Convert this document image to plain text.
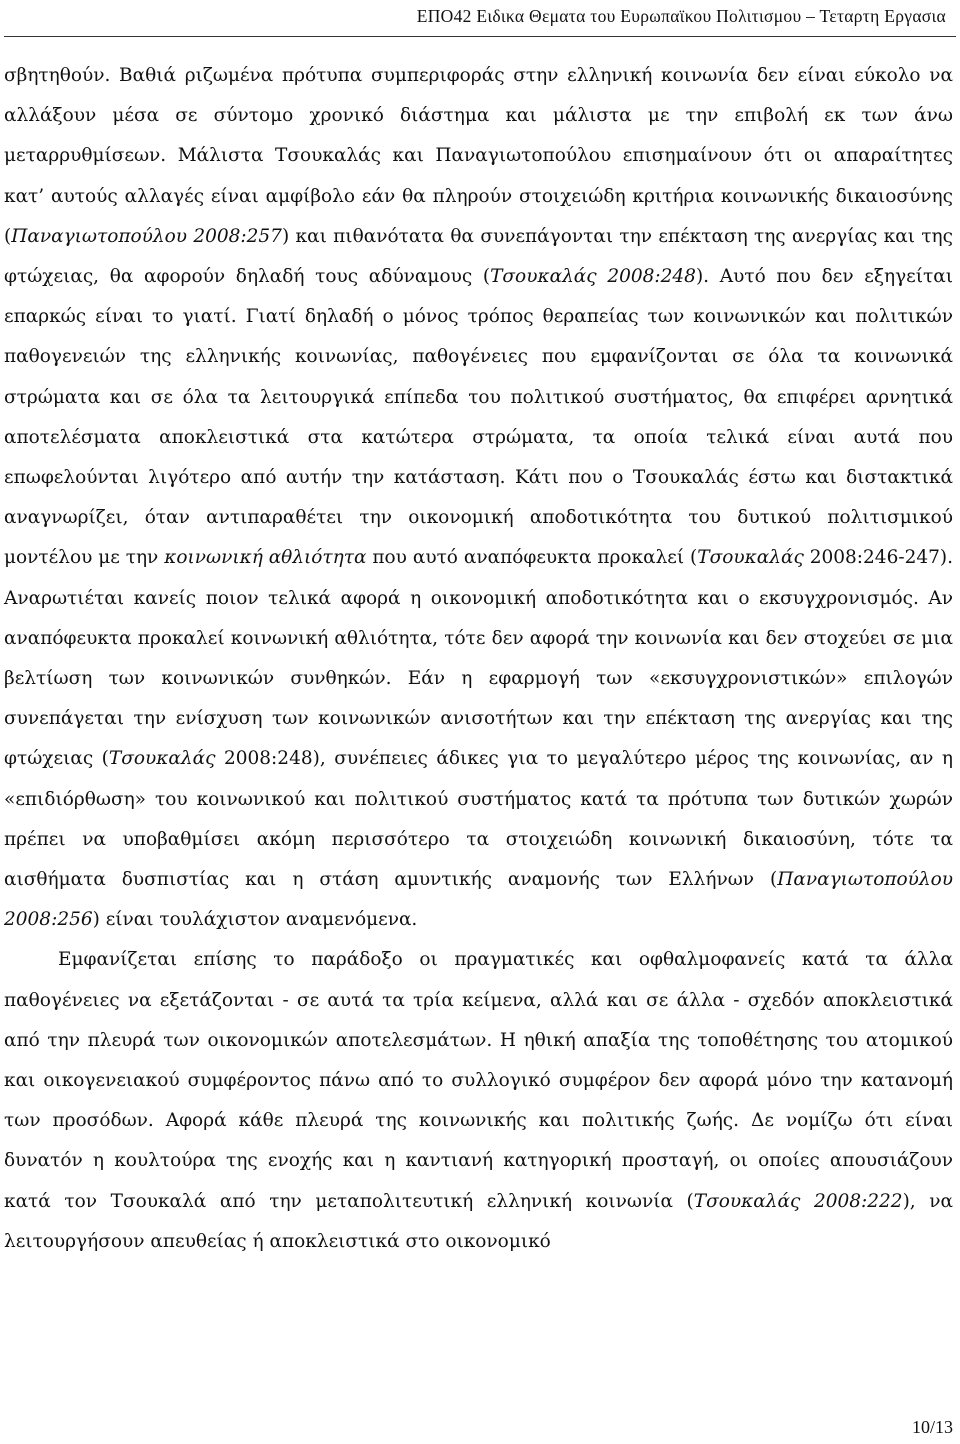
ΕΠΟ42 Ειδικα Θεματα του Ευρωπαϊκου Πολιτισμου – Τεταρτη Εργασια

σβητηθούν. Βαθιά ριζωμένα πρότυπα συμπεριφοράς στην ελληνική κοινωνία δεν είναι εύκολο να αλλάξουν μέσα σε σύντομο χρονικό διάστημα και μάλιστα με την επιβολή εκ των άνω μεταρρυθμίσεων. Μάλιστα Τσουκαλάς και Παναγιωτοπούλου επισημαίνουν ότι οι απαραίτητες κατ’ αυτούς αλλαγές είναι αμφίβολο εάν θα πληρούν στοιχειώδη κριτήρια κοινωνικής δικαιοσύνης (Παναγιωτοπούλου 2008:257) και πιθανότατα θα συνεπάγονται την επέκταση της ανεργίας και της φτώχειας, θα αφορούν δηλαδή τους αδύναμους (Τσουκαλάς 2008:248). Αυτό που δεν εξηγείται επαρκώς είναι το γιατί. Γιατί δηλαδή ο μόνος τρόπος θεραπείας των κοινωνικών και πολιτικών παθογενειών της ελληνικής κοινωνίας, παθογένειες που εμφανίζονται σε όλα τα κοινωνικά στρώματα και σε όλα τα λειτουργικά επίπεδα του πολιτικού συστήματος, θα επιφέρει αρνητικά αποτελέσματα αποκλειστικά στα κατώτερα στρώματα, τα οποία τελικά είναι αυτά που επωφελούνται λιγότερο από αυτήν την κατάσταση. Κάτι που ο Τσουκαλάς έστω και διστακτικά αναγνωρίζει, όταν αντιπαραθέτει την οικονομική αποδοτικότητα του δυτικού πολιτισμικού μοντέλου με την κοινωνική αθλιότητα που αυτό αναπόφευκτα προκαλεί (Τσουκαλάς 2008:246-247). Αναρωτιέται κανείς ποιον τελικά αφορά η οικονομική αποδοτικότητα και ο εκσυγχρονισμός. Αν αναπόφευκτα προκαλεί κοινωνική αθλιότητα, τότε δεν αφορά την κοινωνία και δεν στοχεύει σε μια βελτίωση των κοινωνικών συνθηκών. Εάν η εφαρμογή των «εκσυγχρονιστικών» επιλογών συνεπάγεται την ενίσχυση των κοινωνικών ανισοτήτων και την επέκταση της ανεργίας και της φτώχειας (Τσουκαλάς 2008:248), συνέπειες άδικες για το μεγαλύτερο μέρος της κοινωνίας, αν η «επιδιόρθωση» του κοινωνικού και πολιτικού συστήματος κατά τα πρότυπα των δυτικών χωρών πρέπει να υποβαθμίσει ακόμη περισσότερο τα στοιχειώδη κοινωνική δικαιοσύνη, τότε τα αισθήματα δυσπιστίας και η στάση αμυντικής αναμονής των Ελλήνων (Παναγιωτοπούλου 2008:256) είναι τουλάχιστον αναμενόμενα.

Εμφανίζεται επίσης το παράδοξο οι πραγματικές και οφθαλμοφανείς κατά τα άλλα παθογένειες να εξετάζονται - σε αυτά τα τρία κείμενα, αλλά και σε άλλα - σχεδόν αποκλειστικά από την πλευρά των οικονομικών αποτελεσμάτων. Η ηθική απαξία της τοποθέτησης του ατομικού και οικογενειακού συμφέροντος πάνω από το συλλογικό συμφέρον δεν αφορά μόνο την κατανομή των προσόδων. Αφορά κάθε πλευρά της κοινωνικής και πολιτικής ζωής. Δε νομίζω ότι είναι δυνατόν η κουλτούρα της ενοχής και η καντιανή κατηγορική προσταγή, οι οποίες απουσιάζουν κατά τον Τσουκαλά από την μεταπολιτευτική ελληνική κοινωνία (Τσουκαλάς 2008:222), να λειτουργήσουν απευθείας ή αποκλειστικά στο οικονομικό

10/13
